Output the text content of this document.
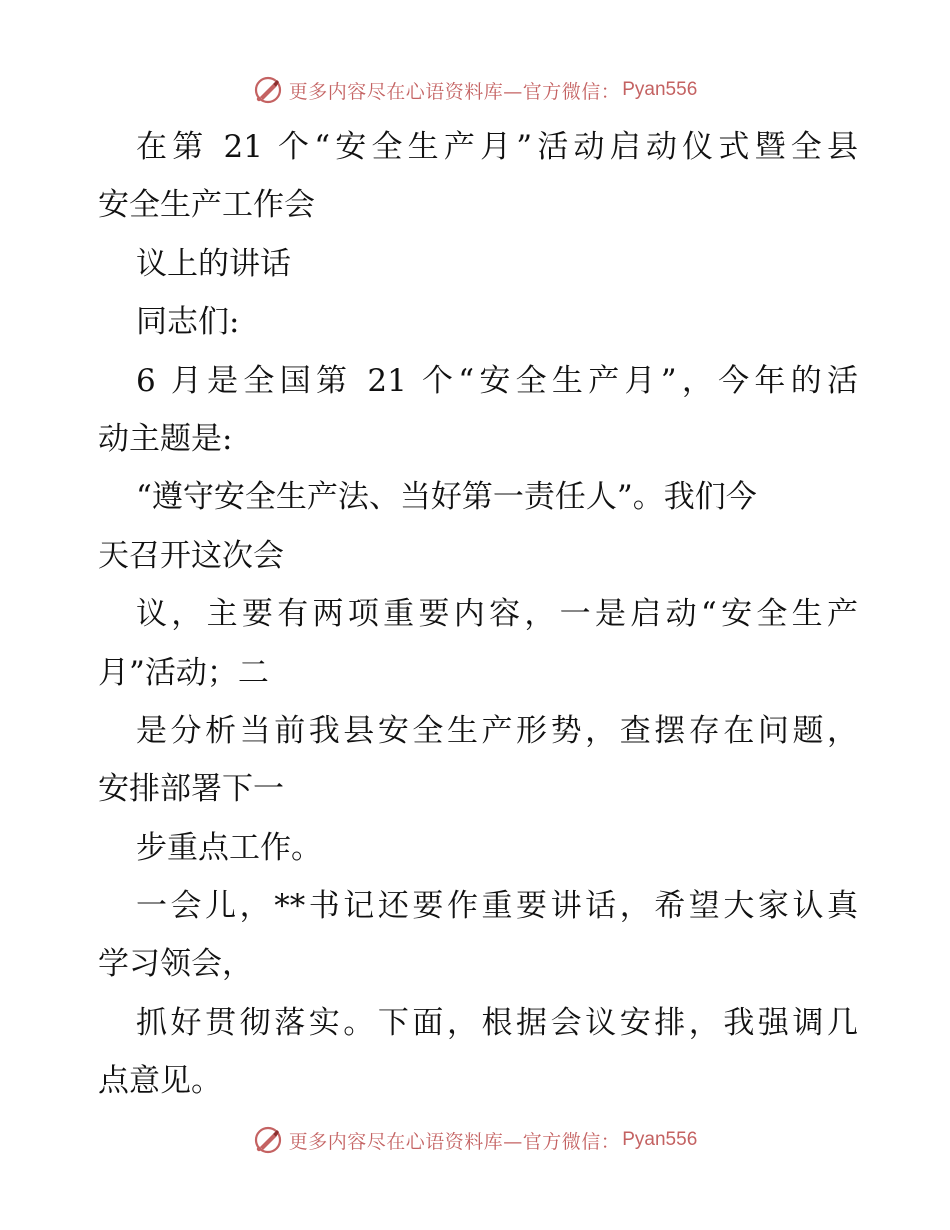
更多内容尽在心语资料库—官方微信： Pyan556
在第 21 个“安全生产月”活动启动仪式暨全县
安全生产工作会
议上的讲话
同志们:
6 月是全国第 21 个“安全生产月”，今年的活
动主题是:
“遵守安全生产法、当好第一责任人”。我们今
天召开这次会
议，主要有两项重要内容，一是启动“安全生产
月”活动；二
是分析当前我县安全生产形势，查摆存在问题，
安排部署下一
步重点工作。
一会儿，**书记还要作重要讲话，希望大家认真
学习领会，
抓好贯彻落实。下面，根据会议安排，我强调几
点意见。
更多内容尽在心语资料库—官方微信： Pyan556
